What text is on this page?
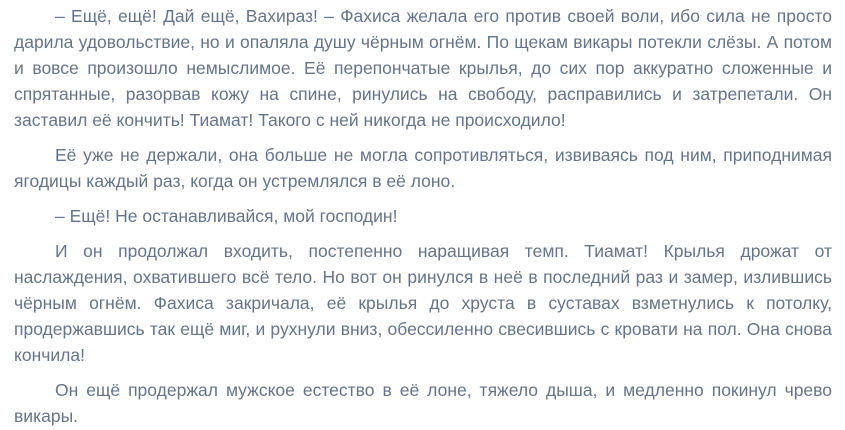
– Ещё, ещё! Дай ещё, Вахираз! – Фахиса желала его против своей воли, ибо сила не просто дарила удовольствие, но и опаляла душу чёрным огнём. По щекам викары потекли слёзы. А потом и вовсе произошло немыслимое. Её перепончатые крылья, до сих пор аккуратно сложенные и спрятанные, разорвав кожу на спине, ринулись на свободу, расправились и затрепетали. Он заставил её кончить! Тиамат! Такого с ней никогда не происходило!

Её уже не держали, она больше не могла сопротивляться, извиваясь под ним, приподнимая ягодицы каждый раз, когда он устремлялся в её лоно.

– Ещё! Не останавливайся, мой господин!

И он продолжал входить, постепенно наращивая темп. Тиамат! Крылья дрожат от наслаждения, охватившего всё тело. Но вот он ринулся в неё в последний раз и замер, излившись чёрным огнём. Фахиса закричала, её крылья до хруста в суставах взметнулись к потолку, продержавшись так ещё миг, и рухнули вниз, обессиленно свесившись с кровати на пол. Она снова кончила!

Он ещё продержал мужское естество в её лоне, тяжело дыша, и медленно покинул чрево викары.
